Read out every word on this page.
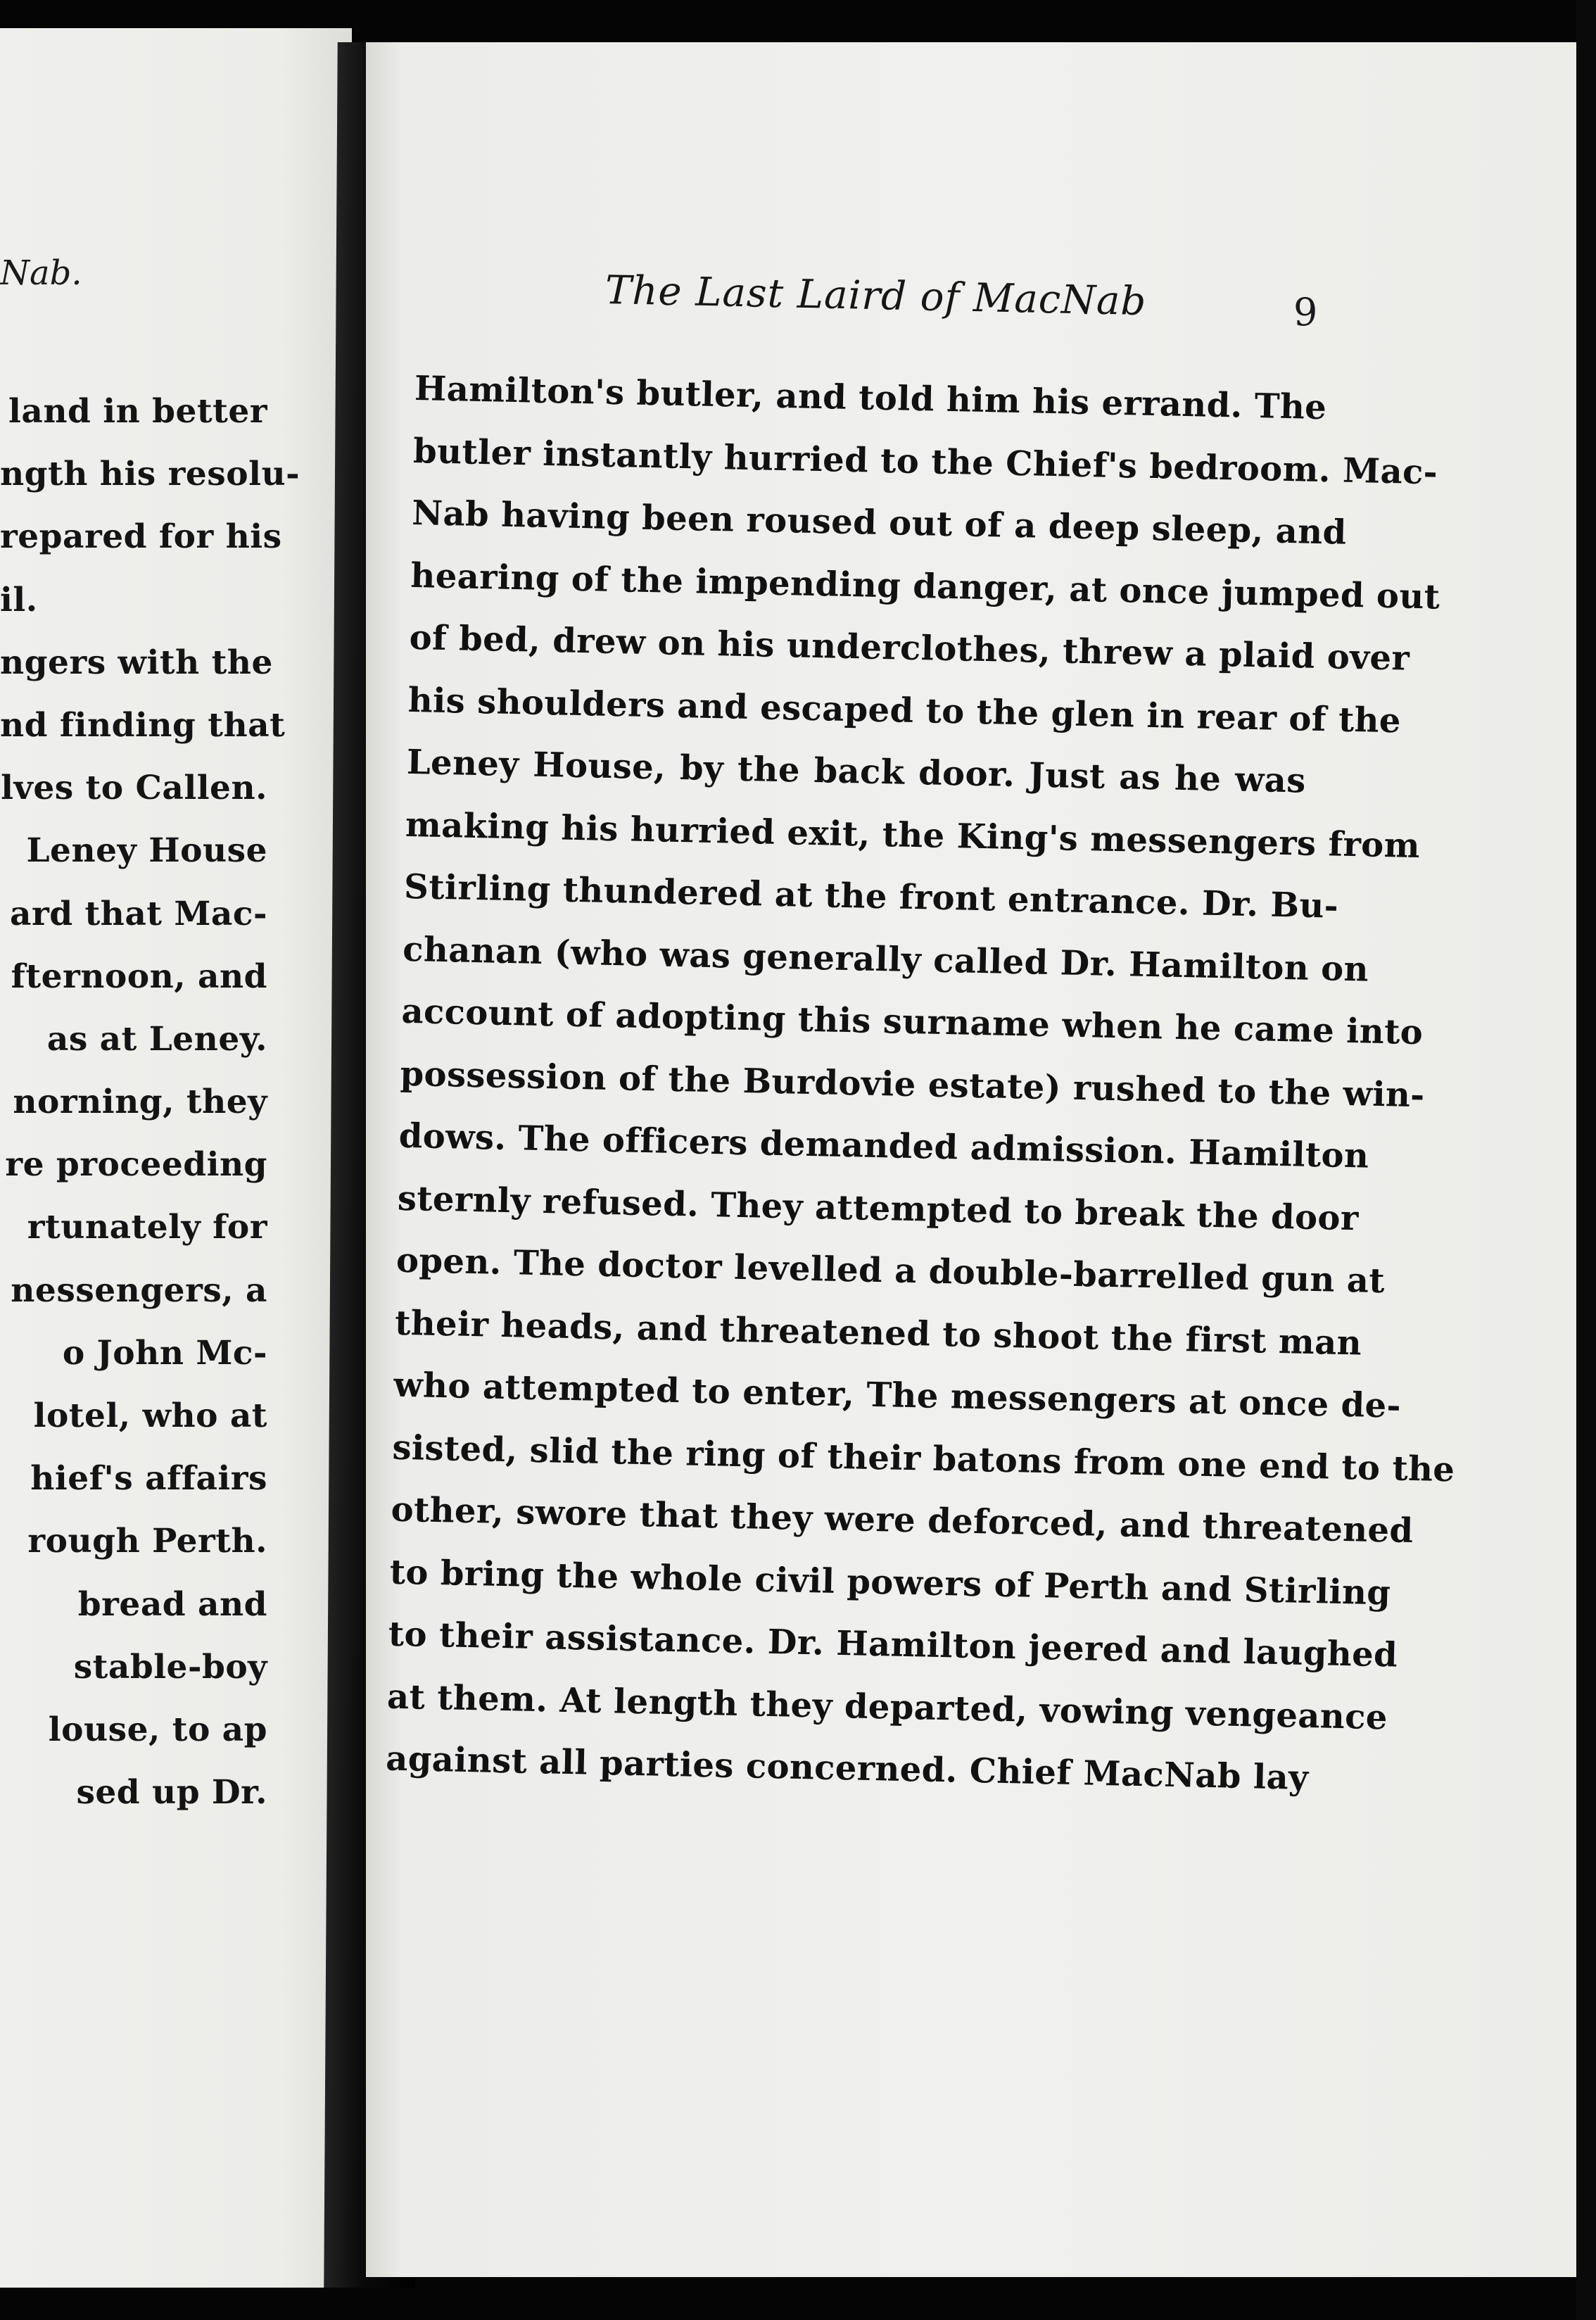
Nab.
land in better
ngth his resolu-
repared for his
il.
ngers with the
nd finding that
lves to Callen.
Leney House
ard that Mac-
fternoon, and
as at Leney.
norning, they
re proceeding
rtunately for
nessengers, a
o John Mc-
lotel, who at
hief's affairs
rough Perth.
bread and
stable-boy
louse, to ap
sed up Dr.
The Last Laird of MacNab	9
Hamilton's butler, and told him his errand. The
butler instantly hurried to the Chief's bedroom. Mac-
Nab having been roused out of a deep sleep, and
hearing of the impending danger, at once jumped out
of bed, drew on his underclothes, threw a plaid over
his shoulders and escaped to the glen in rear of the
Leney House, by the back door. Just as he was
making his hurried exit, the King's messengers from
Stirling thundered at the front entrance. Dr. Bu-
chanan (who was generally called Dr. Hamilton on
account of adopting this surname when he came into
possession of the Burdovie estate) rushed to the win-
dows. The officers demanded admission. Hamilton
sternly refused. They attempted to break the door
open. The doctor levelled a double-barrelled gun at
their heads, and threatened to shoot the first man
who attempted to enter, The messengers at once de-
sisted, slid the ring of their batons from one end to the
other, swore that they were deforced, and threatened
to bring the whole civil powers of Perth and Stirling
to their assistance. Dr. Hamilton jeered and laughed
at them. At length they departed, vowing vengeance
against all parties concerned. Chief MacNab lay
